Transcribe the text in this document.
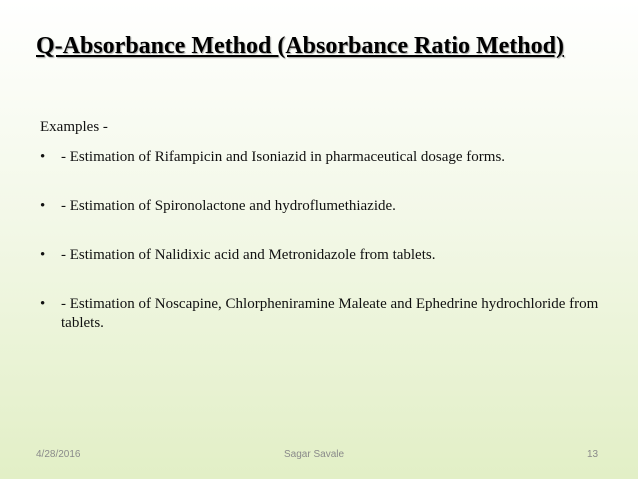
Q-Absorbance Method (Absorbance Ratio Method)

Examples -

• - Estimation of Rifampicin and Isoniazid in pharmaceutical dosage forms.
• - Estimation of Spironolactone and hydroflumethiazide.
• - Estimation of Nalidixic acid and Metronidazole from tablets.
• - Estimation of Noscapine, Chlorpheniramine Maleate and Ephedrine hydrochloride from tablets.
4/28/2016	Sagar Savale	13
